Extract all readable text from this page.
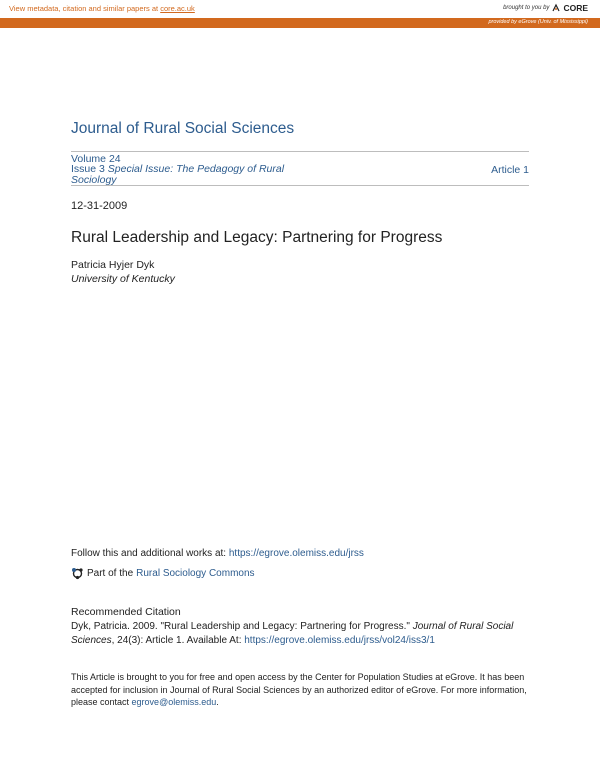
View metadata, citation and similar papers at core.ac.uk	brought to you by CORE
provided by eGrove (Univ. of Mississippi)
Journal of Rural Social Sciences
Volume 24
Issue 3 Special Issue: The Pedagogy of Rural Sociology
Article 1
12-31-2009
Rural Leadership and Legacy: Partnering for Progress
Patricia Hyjer Dyk
University of Kentucky
Follow this and additional works at: https://egrove.olemiss.edu/jrss
Part of the Rural Sociology Commons
Recommended Citation
Dyk, Patricia. 2009. "Rural Leadership and Legacy: Partnering for Progress." Journal of Rural Social Sciences, 24(3): Article 1. Available At: https://egrove.olemiss.edu/jrss/vol24/iss3/1
This Article is brought to you for free and open access by the Center for Population Studies at eGrove. It has been accepted for inclusion in Journal of Rural Social Sciences by an authorized editor of eGrove. For more information, please contact egrove@olemiss.edu.
